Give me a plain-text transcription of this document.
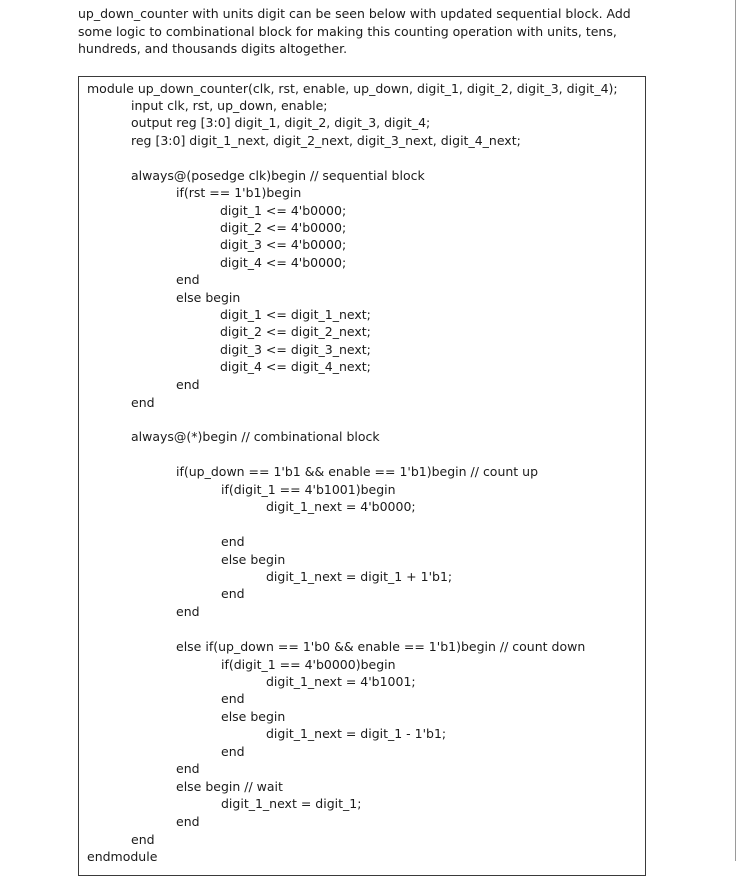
up_down_counter with units digit can be seen below with updated sequential block. Add some logic to combinational block for making this counting operation with units, tens, hundreds, and thousands digits altogether.

module up_down_counter(clk, rst, enable, up_down, digit_1, digit_2, digit_3, digit_4);
input clk, rst, up_down, enable;
output reg [3:0] digit_1, digit_2, digit_3, digit_4;
reg [3:0] digit_1_next, digit_2_next, digit_3_next, digit_4_next;
always@(posedge clk)begin // sequential block
if(rst == 1'b1)begin
digit_1 <= 4'b0000;
digit_2 <= 4'b0000;
digit_3 <= 4'b0000;
digit_4 <= 4'b0000;
end
else begin
digit_1 <= digit_1_next;
digit_2 <= digit_2_next;
digit_3 <= digit_3_next;
digit_4 <= digit_4_next;
end
end
always@(*)begin // combinational block
if(up_down == 1'b1 && enable == 1'b1)begin // count up
if(digit_1 == 4'b1001)begin
digit_1_next = 4'b0000;
end
else begin
digit_1_next = digit_1 + 1'b1;
end
end
else if(up_down == 1'b0 && enable == 1'b1)begin // count down
if(digit_1 == 4'b0000)begin
digit_1_next = 4'b1001;
end
else begin
digit_1_next = digit_1 - 1'b1;
end
end
else begin // wait
digit_1_next = digit_1;
end
end
endmodule
